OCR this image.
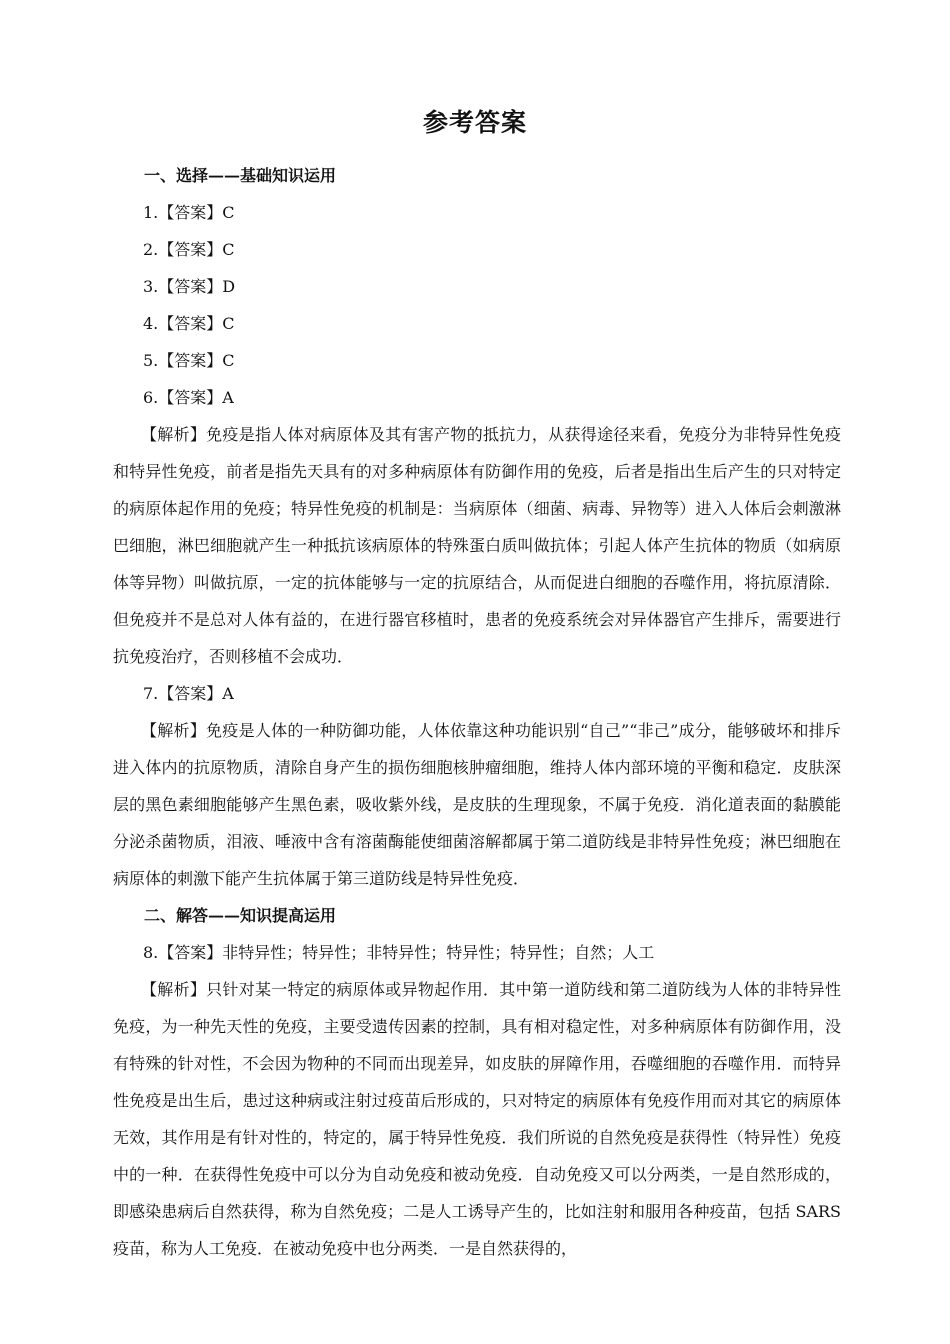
参考答案
一、选择——基础知识运用
1.【答案】C
2.【答案】C
3.【答案】D
4.【答案】C
5.【答案】C
6.【答案】A
【解析】免疫是指人体对病原体及其有害产物的抵抗力，从获得途径来看，免疫分为非特异性免疫和特异性免疫，前者是指先天具有的对多种病原体有防御作用的免疫，后者是指出生后产生的只对特定的病原体起作用的免疫；特异性免疫的机制是：当病原体（细菌、病毒、异物等）进入人体后会刺激淋巴细胞，淋巴细胞就产生一种抵抗该病原体的特殊蛋白质叫做抗体；引起人体产生抗体的物质（如病原体等异物）叫做抗原，一定的抗体能够与一定的抗原结合，从而促进白细胞的吞噬作用，将抗原清除．但免疫并不是总对人体有益的，在进行器官移植时，患者的免疫系统会对异体器官产生排斥，需要进行抗免疫治疗，否则移植不会成功．
7.【答案】A
【解析】免疫是人体的一种防御功能，人体依靠这种功能识别“自己”“非己”成分，能够破坏和排斥进入体内的抗原物质，清除自身产生的损伤细胞核肿瘤细胞，维持人体内部环境的平衡和稳定．皮肤深层的黑色素细胞能够产生黑色素，吸收紫外线，是皮肤的生理现象，不属于免疫．消化道表面的黏膜能分泌杀菌物质，泪液、唾液中含有溶菌酶能使细菌溶解都属于第二道防线是非特异性免疫；淋巴细胞在病原体的刺激下能产生抗体属于第三道防线是特异性免疫．
二、解答——知识提高运用
8.【答案】非特异性；特异性；非特异性；特异性；特异性；自然；人工
【解析】只针对某一特定的病原体或异物起作用．其中第一道防线和第二道防线为人体的非特异性免疫，为一种先天性的免疫，主要受遗传因素的控制，具有相对稳定性，对多种病原体有防御作用，没有特殊的针对性，不会因为物种的不同而出现差异，如皮肤的屏障作用，吞噬细胞的吞噬作用．而特异性免疫是出生后，患过这种病或注射过疫苗后形成的，只对特定的病原体有免疫作用而对其它的病原体无效，其作用是有针对性的，特定的，属于特异性免疫．我们所说的自然免疫是获得性（特异性）免疫中的一种．在获得性免疫中可以分为自动免疫和被动免疫．自动免疫又可以分两类，一是自然形成的，即感染患病后自然获得，称为自然免疫；二是人工诱导产生的，比如注射和服用各种疫苗，包括 SARS 疫苗，称为人工免疫．在被动免疫中也分两类．一是自然获得的，
